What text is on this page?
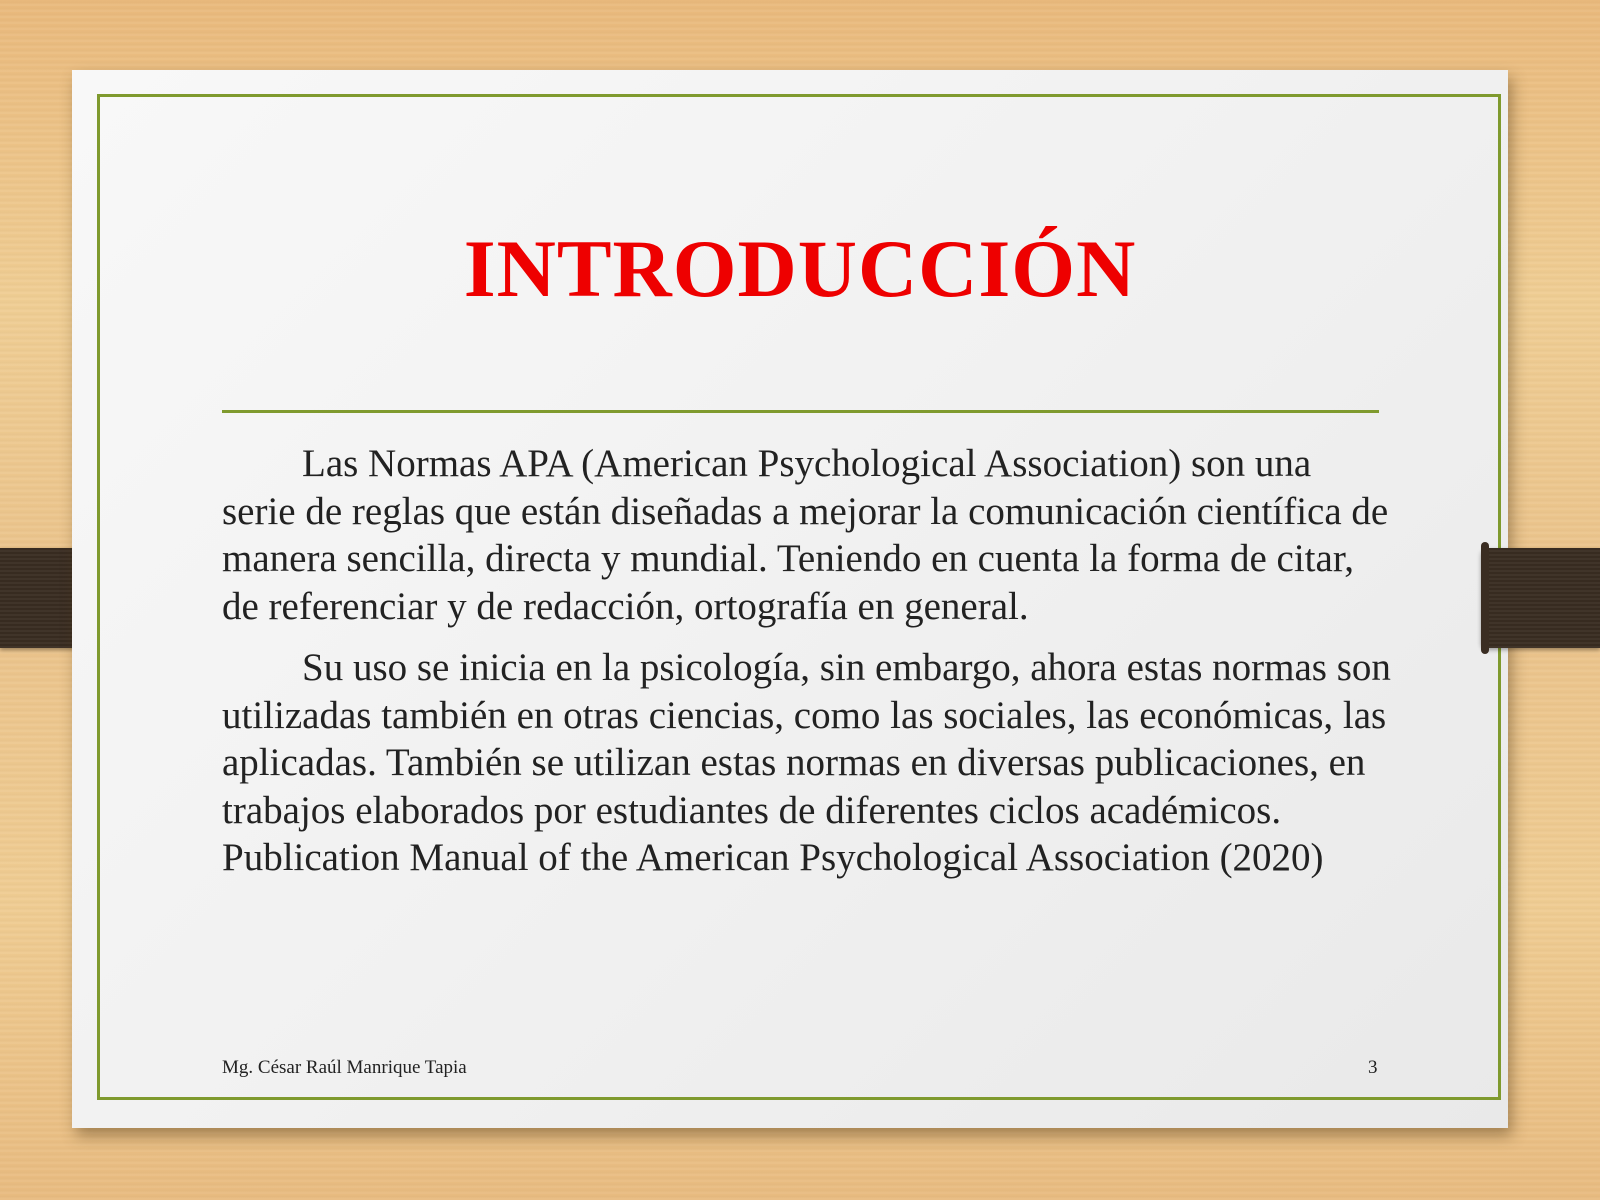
INTRODUCCIÓN

Las Normas APA (American Psychological Association) son una serie de reglas que están diseñadas a mejorar la comunicación científica de manera sencilla, directa y mundial. Teniendo en cuenta la forma de citar, de referenciar y de redacción, ortografía en general.

Su uso se inicia en la psicología, sin embargo, ahora estas normas son utilizadas también en otras ciencias, como las sociales, las económicas, las aplicadas. También se utilizan estas normas en diversas publicaciones, en trabajos elaborados por estudiantes de diferentes ciclos académicos. Publication Manual of the American Psychological Association (2020)

Mg. César Raúl Manrique Tapia	3
